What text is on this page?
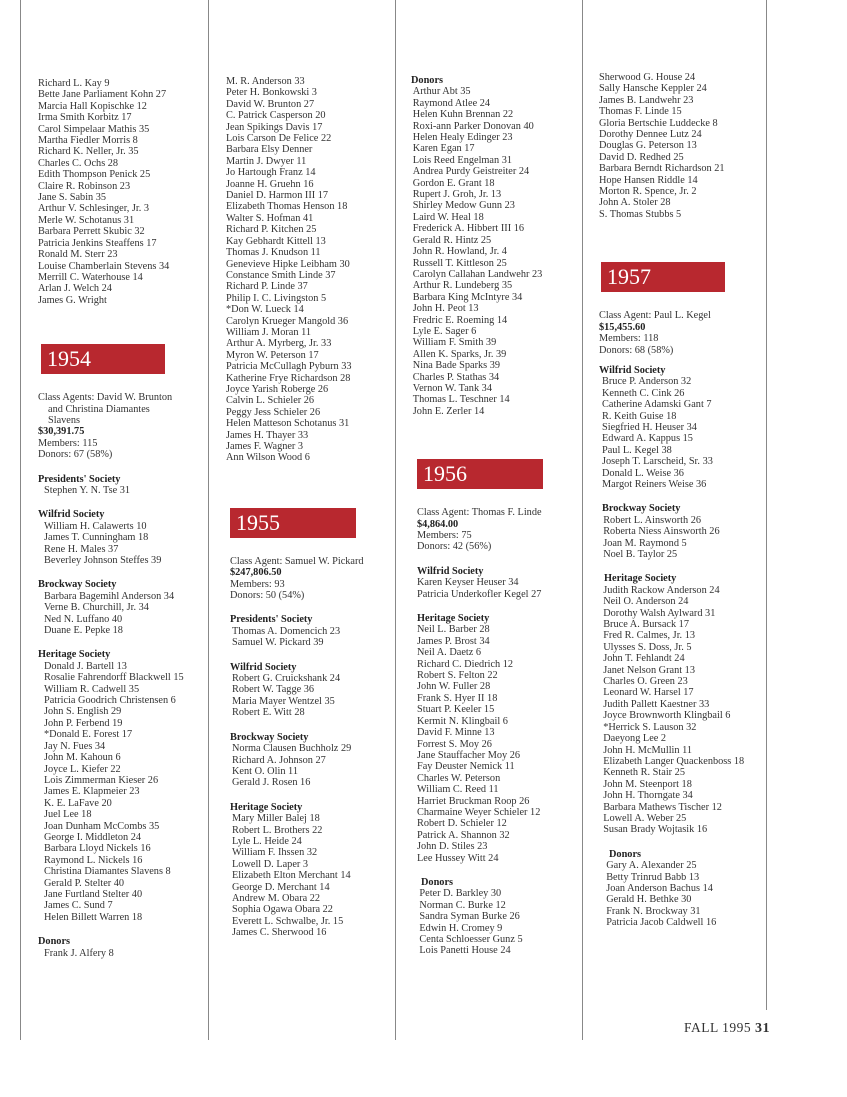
Richard L. Kay 9
Bette Jane Parliament Kohn 27
Marcia Hall Kopischke 12
Irma Smith Korbitz 17
Carol Simpelaar Mathis 35
Martha Fiedler Morris 8
Richard K. Neller, Jr. 35
Charles C. Ochs 28
Edith Thompson Penick 25
Claire R. Robinson 23
Jane S. Sabin 35
Arthur V. Schlesinger, Jr. 3
Merle W. Schotanus 31
Barbara Perrett Skubic 32
Patricia Jenkins Steaffens 17
Ronald M. Sterr 23
Louise Chamberlain Stevens 34
Merrill C. Waterhouse 14
Arlan J. Welch 24
James G. Wright
1954
Class Agents: David W. Brunton
and Christina Diamantes
Slavens
$30,391.75
Members: 115
Donors: 67 (58%)
Presidents' Society
Stephen Y. N. Tse 31
Wilfrid Society
William H. Calawerts 10
James T. Cunningham 18
Rene H. Males 37
Beverley Johnson Steffes 39
Brockway Society
Barbara Bagemihl Anderson 34
Verne B. Churchill, Jr. 34
Ned N. Luffano 40
Duane E. Pepke 18
Heritage Society
Donald J. Bartell 13
Rosalie Fahrendorff Blackwell 15
William R. Cadwell 35
Patricia Goodrich Christensen 6
John S. English 29
John P. Ferbend 19
*Donald E. Forest 17
Jay N. Fues 34
John M. Kahoun 6
Joyce L. Kiefer 22
Lois Zimmerman Kieser 26
James E. Klapmeier 23
K. E. LaFave 20
Juel Lee 18
Joan Dunham McCombs 35
George I. Middleton 24
Barbara Lloyd Nickels 16
Raymond L. Nickels 16
Christina Diamantes Slavens 8
Gerald P. Stelter 40
Jane Furtland Stelter 40
James C. Sund 7
Helen Billett Warren 18
Donors
Frank J. Alfery 8
M. R. Anderson 33
Peter H. Bonkowski 3
David W. Brunton 27
C. Patrick Casperson 20
Jean Spikings Davis 17
Lois Carson De Felice 22
Barbara Elsy Denner
Martin J. Dwyer 11
Jo Hartough Franz 14
Joanne H. Gruehn 16
Daniel D. Harmon III 17
Elizabeth Thomas Henson 18
Walter S. Hofman 41
Richard P. Kitchen 25
Kay Gebhardt Kittell 13
Thomas J. Knudson 11
Genevieve Hipke Leibham 30
Constance Smith Linde 37
Richard P. Linde 37
Philip I. C. Livingston 5
*Don W. Lueck 14
Carolyn Krueger Mangold 36
William J. Moran 11
Arthur A. Myrberg, Jr. 33
Myron W. Peterson 17
Patricia McCullagh Pyburn 33
Katherine Frye Richardson 28
Joyce Yarish Roberge 26
Calvin L. Schieler 26
Peggy Jess Schieler 26
Helen Matteson Schotanus 31
James H. Thayer 33
James F. Wagner 3
Ann Wilson Wood 6
1955
Class Agent: Samuel W. Pickard
$247,806.50
Members: 93
Donors: 50 (54%)
Presidents' Society
Thomas A. Domencich 23
Samuel W. Pickard 39
Wilfrid Society
Robert G. Cruickshank 24
Robert W. Tagge 36
Maria Mayer Wentzel 35
Robert E. Witt 28
Brockway Society
Norma Clausen Buchholz 29
Richard A. Johnson 27
Kent O. Olin 11
Gerald J. Rosen 16
Heritage Society
Mary Miller Balej 18
Robert L. Brothers 22
Lyle L. Heide 24
William F. Ihssen 32
Lowell D. Laper 3
Elizabeth Elton Merchant 14
George D. Merchant 14
Andrew M. Obara 22
Sophia Ogawa Obara 22
Everett L. Schwalbe, Jr. 15
James C. Sherwood 16
Donors
Arthur Abt 35
Raymond Atlee 24
Helen Kuhn Brennan 22
Roxi-ann Parker Donovan 40
Helen Healy Edinger 23
Karen Egan 17
Lois Reed Engelman 31
Andrea Purdy Geistreiter 24
Gordon E. Grant 18
Rupert J. Groh, Jr. 13
Shirley Medow Gunn 23
Laird W. Heal 18
Frederick A. Hibbert III 16
Gerald R. Hintz 25
John R. Howland, Jr. 4
Russell T. Kittleson 25
Carolyn Callahan Landwehr 23
Arthur R. Lundeberg 35
Barbara King McIntyre 34
John H. Peot 13
Fredric E. Roeming 14
Lyle E. Sager 6
William F. Smith 39
Allen K. Sparks, Jr. 39
Nina Bade Sparks 39
Charles P. Stathas 34
Vernon W. Tank 34
Thomas L. Teschner 14
John E. Zerler 14
1956
Class Agent: Thomas F. Linde
$4,864.00
Members: 75
Donors: 42 (56%)
Wilfrid Society
Karen Keyser Heuser 34
Patricia Underkofler Kegel 27
Heritage Society
Neil L. Barber 28
James P. Brost 34
Neil A. Daetz 6
Richard C. Diedrich 12
Robert S. Felton 22
John W. Fuller 28
Frank S. Hyer II 18
Stuart P. Keeler 15
Kermit N. Klingbail 6
David F. Minne 13
Forrest S. Moy 26
Jane Stauffacher Moy 26
Fay Deuster Nemick 11
Charles W. Peterson
William C. Reed 11
Harriet Bruckman Roop 26
Charmaine Weyer Schieler 12
Robert D. Schieler 12
Patrick A. Shannon 32
John D. Stiles 23
Lee Hussey Witt 24
Donors
Peter D. Barkley 30
Norman C. Burke 12
Sandra Syman Burke 26
Edwin H. Cromey 9
Centa Schloesser Gunz 5
Lois Panetti House 24
Sherwood G. House 24
Sally Hansche Keppler 24
James B. Landwehr 23
Thomas F. Linde 15
Gloria Bertschie Luddecke 8
Dorothy Dennee Lutz 24
Douglas G. Peterson 13
David D. Redhed 25
Barbara Berndt Richardson 21
Hope Hansen Riddle 14
Morton R. Spence, Jr. 2
John A. Stoler 28
S. Thomas Stubbs 5
1957
Class Agent: Paul L. Kegel
$15,455.60
Members: 118
Donors: 68 (58%)
Wilfrid Society
Bruce P. Anderson 32
Kenneth C. Cink 26
Catherine Adamski Gant 7
R. Keith Guise 18
Siegfried H. Heuser 34
Edward A. Kappus 15
Paul L. Kegel 38
Joseph T. Larscheid, Sr. 33
Donald L. Weise 36
Margot Reiners Weise 36
Brockway Society
Robert L. Ainsworth 26
Roberta Niess Ainsworth 26
Joan M. Raymond 5
Noel B. Taylor 25
Heritage Society
Judith Rackow Anderson 24
Neil O. Anderson 24
Dorothy Walsh Aylward 31
Bruce A. Bursack 17
Fred R. Calmes, Jr. 13
Ulysses S. Doss, Jr. 5
John T. Fehlandt 24
Janet Nelson Grant 13
Charles O. Green 23
Leonard W. Harsel 17
Judith Pallett Kaestner 33
Joyce Brownworth Klingbail 6
*Herrick S. Lauson 32
Daeyong Lee 2
John H. McMullin 11
Elizabeth Langer Quackenboss 18
Kenneth R. Stair 25
John M. Steenport 18
John H. Thorngate 34
Barbara Mathews Tischer 12
Lowell A. Weber 25
Susan Brady Wojtasik 16
Donors
Gary A. Alexander 25
Betty Trinrud Babb 13
Joan Anderson Bachus 14
Gerald H. Bethke 30
Frank N. Brockway 31
Patricia Jacob Caldwell 16
FALL 1995 31
